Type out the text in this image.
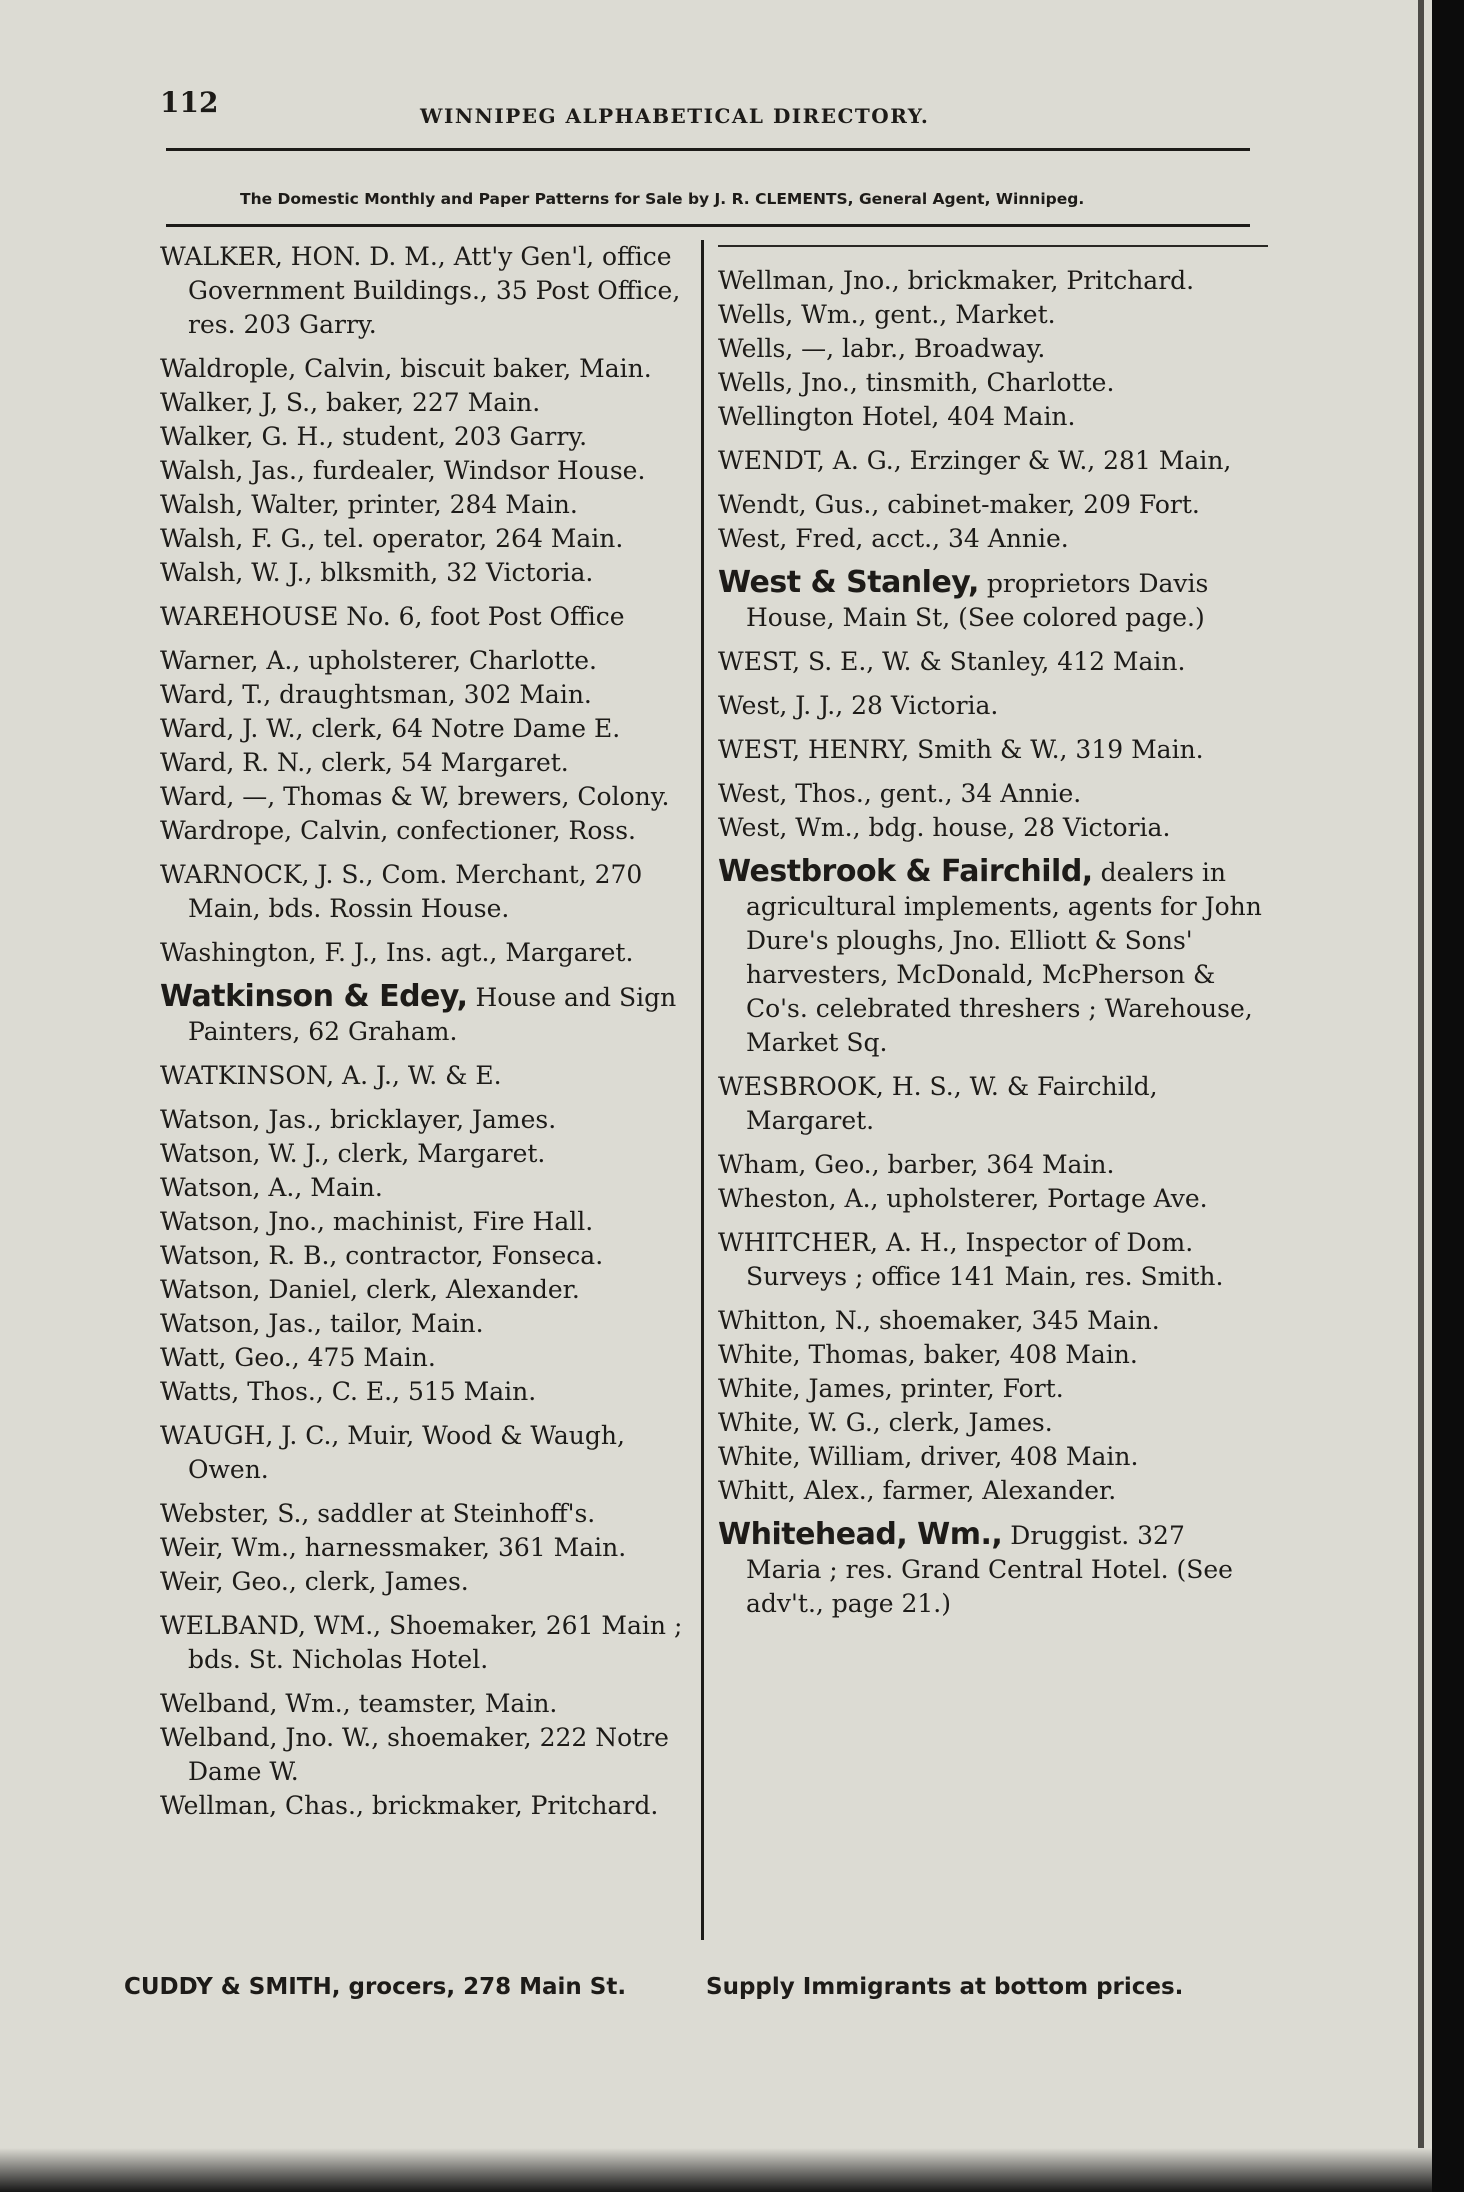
112	WINNIPEG ALPHABETICAL DIRECTORY.
The Domestic Monthly and Paper Patterns for Sale by J. R. CLEMENTS, General Agent, Winnipeg.

WALKER, HON. D. M., Att'y Gen'l, office Government Buildings., 35 Post Office, res. 203 Garry.

Waldrople, Calvin, biscuit baker, Main.

Walker, J, S., baker, 227 Main.

Walker, G. H., student, 203 Garry.

Walsh, Jas., furdealer, Windsor House.

Walsh, Walter, printer, 284 Main.

Walsh, F. G., tel. operator, 264 Main.

Walsh, W. J., blksmith, 32 Victoria.

WAREHOUSE No. 6, foot Post Office

Warner, A., upholsterer, Charlotte.

Ward, T., draughtsman, 302 Main.

Ward, J. W., clerk, 64 Notre Dame E.

Ward, R. N., clerk, 54 Margaret.

Ward, —, Thomas & W, brewers, Colony.

Wardrope, Calvin, confectioner, Ross.

WARNOCK, J. S., Com. Merchant, 270 Main, bds. Rossin House.

Washington, F. J., Ins. agt., Margaret.

Watkinson & Edey, House and Sign Painters, 62 Graham.

WATKINSON, A. J., W. & E.

Watson, Jas., bricklayer, James.

Watson, W. J., clerk, Margaret.

Watson, A., Main.

Watson, Jno., machinist, Fire Hall.

Watson, R. B., contractor, Fonseca.

Watson, Daniel, clerk, Alexander.

Watson, Jas., tailor, Main.

Watt, Geo., 475 Main.

Watts, Thos., C. E., 515 Main.

WAUGH, J. C., Muir, Wood & Waugh, Owen.

Webster, S., saddler at Steinhoff's.

Weir, Wm., harnessmaker, 361 Main.

Weir, Geo., clerk, James.

WELBAND, WM., Shoemaker, 261 Main ; bds. St. Nicholas Hotel.

Welband, Wm., teamster, Main.

Welband, Jno. W., shoemaker, 222 Notre Dame W.

Wellman, Chas., brickmaker, Pritchard.

Wellman, Jno., brickmaker, Pritchard.

Wells, Wm., gent., Market.

Wells, —, labr., Broadway.

Wells, Jno., tinsmith, Charlotte.

Wellington Hotel, 404 Main.

WENDT, A. G., Erzinger & W., 281 Main,

Wendt, Gus., cabinet-maker, 209 Fort.

West, Fred, acct., 34 Annie.

West & Stanley, proprietors Davis House, Main St, (See colored page.)

WEST, S. E., W. & Stanley, 412 Main.

West, J. J., 28 Victoria.

WEST, HENRY, Smith & W., 319 Main.

West, Thos., gent., 34 Annie.

West, Wm., bdg. house, 28 Victoria.

Westbrook & Fairchild, dealers in agricultural implements, agents for John Dure's ploughs, Jno. Elliott & Sons' harvesters, McDonald, McPherson & Co's. celebrated threshers ; Warehouse, Market Sq.

WESBROOK, H. S., W. & Fairchild, Margaret.

Wham, Geo., barber, 364 Main.

Wheston, A., upholsterer, Portage Ave.

WHITCHER, A. H., Inspector of Dom. Surveys ; office 141 Main, res. Smith.

Whitton, N., shoemaker, 345 Main.

White, Thomas, baker, 408 Main.

White, James, printer, Fort.

White, W. G., clerk, James.

White, William, driver, 408 Main.

Whitt, Alex., farmer, Alexander.

Whitehead, Wm., Druggist. 327 Maria ; res. Grand Central Hotel. (See adv't., page 21.)

CUDDY & SMITH, grocers, 278 Main St.	Supply Immigrants at bottom prices.
